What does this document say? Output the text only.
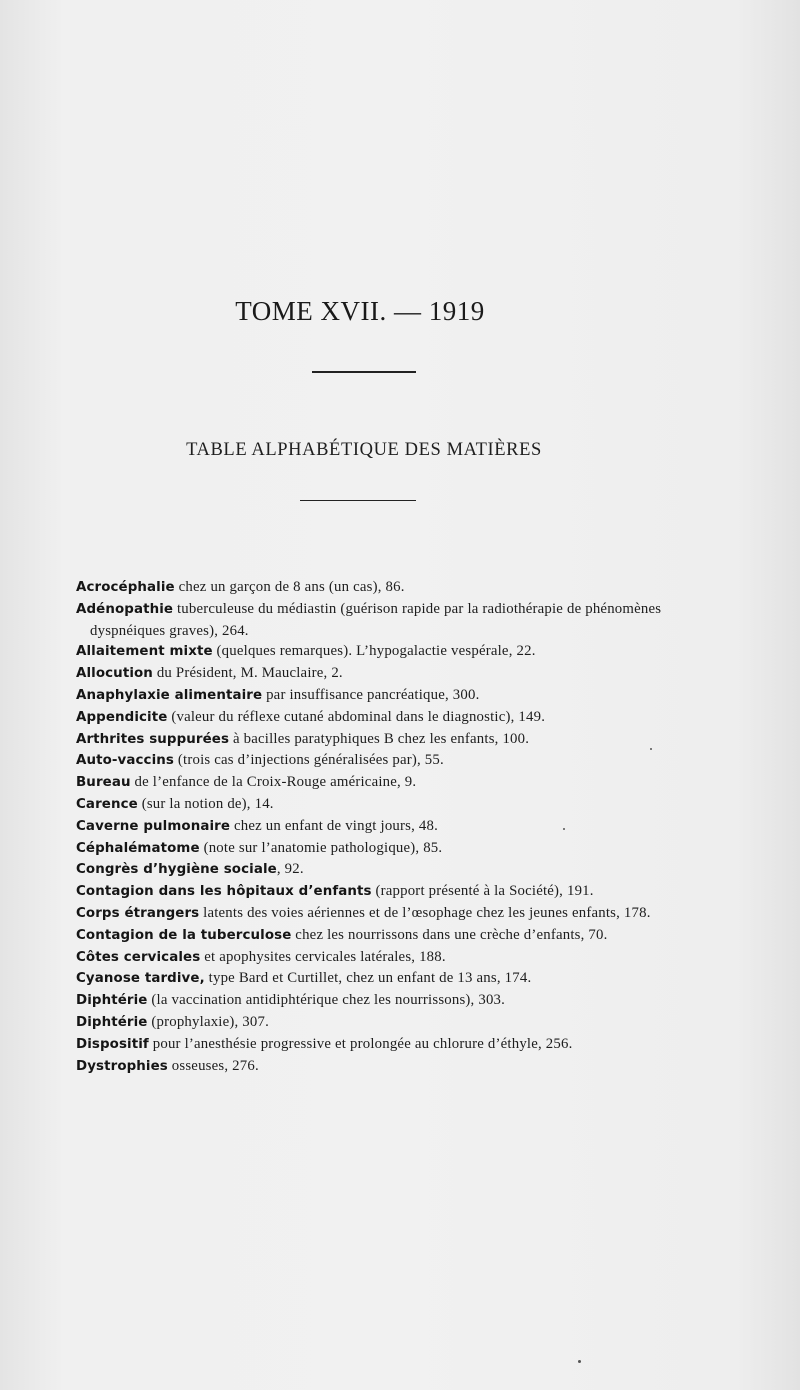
TOME XVII. — 1919
TABLE ALPHABÉTIQUE DES MATIÈRES
Acrocéphalie chez un garçon de 8 ans (un cas), 86.
Adénopathie tuberculeuse du médiastin (guérison rapide par la radiothérapie de phénomènes dyspnéiques graves), 264.
Allaitement mixte (quelques remarques). L’hypogalactie vespérale, 22.
Allocution du Président, M. Mauclaire, 2.
Anaphylaxie alimentaire par insuffisance pancréatique, 300.
Appendicite (valeur du réflexe cutané abdominal dans le diagnostic), 149.
Arthrites suppurées à bacilles paratyphiques B chez les enfants, 100.
Auto-vaccins (trois cas d’injections généralisées par), 55.
Bureau de l’enfance de la Croix-Rouge américaine, 9.
Carence (sur la notion de), 14.
Caverne pulmonaire chez un enfant de vingt jours, 48.
Céphalématome (note sur l’anatomie pathologique), 85.
Congrès d’hygiène sociale, 92.
Contagion dans les hôpitaux d’enfants (rapport présenté à la Société), 191.
Corps étrangers latents des voies aériennes et de l’œsophage chez les jeunes enfants, 178.
Contagion de la tuberculose chez les nourrissons dans une crèche d’enfants, 70.
Côtes cervicales et apophysites cervicales latérales, 188.
Cyanose tardive, type Bard et Curtillet, chez un enfant de 13 ans, 174.
Diphtérie (la vaccination antidiphtérique chez les nourrissons), 303.
Diphtérie (prophylaxie), 307.
Dispositif pour l’anesthésie progressive et prolongée au chlorure d’éthyle, 256.
Dystrophies osseuses, 276.
